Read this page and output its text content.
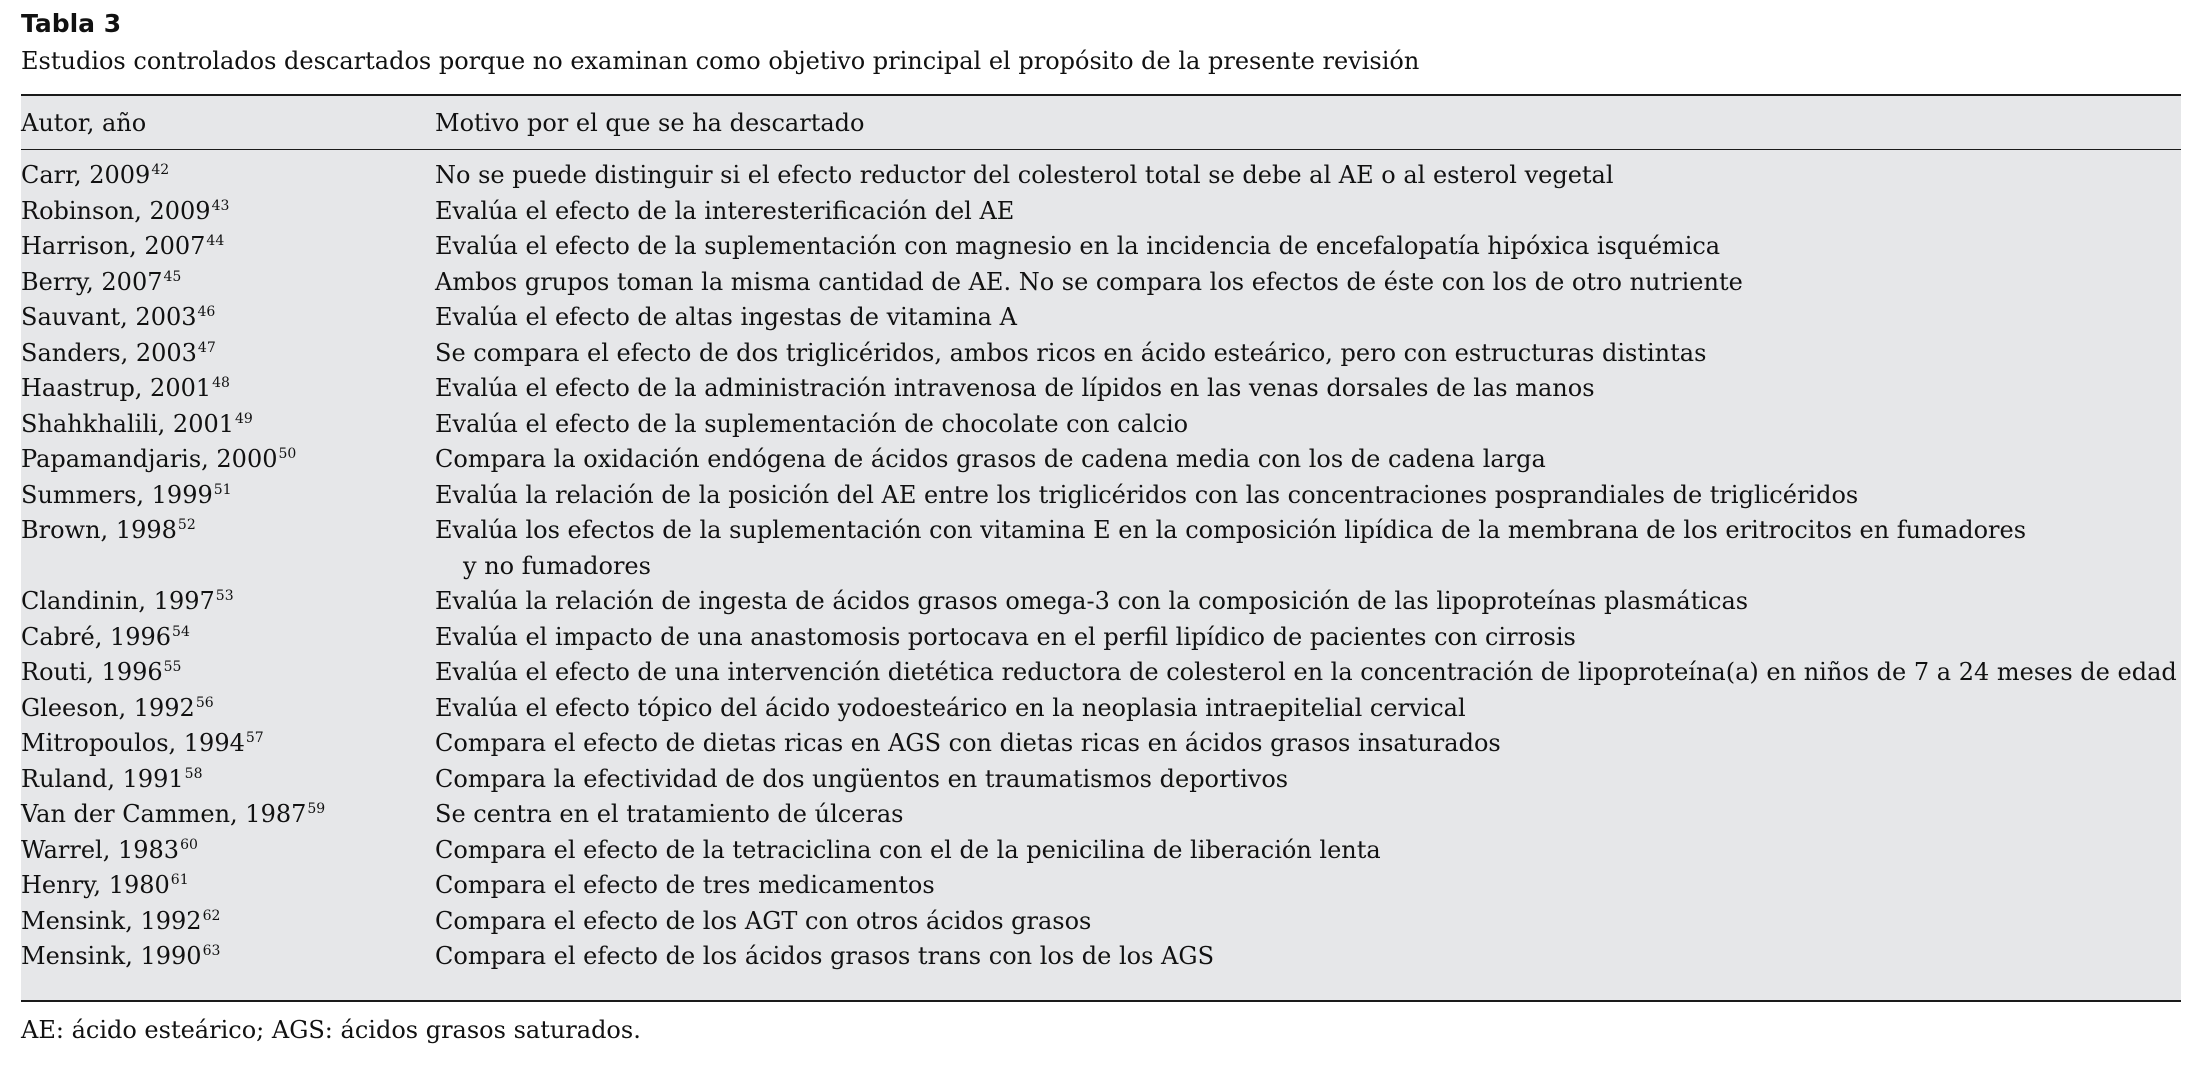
Tabla 3

Estudios controlados descartados porque no examinan como objetivo principal el propósito de la presente revisión

Autor, año	Motivo por el que se ha descartado
Carr, 2009$^{42}$	No se puede distinguir si el efecto reductor del colesterol total se debe al AE o al esterol vegetal
Robinson, 2009$^{43}$	Evalúa el efecto de la interesterificación del AE
Harrison, 2007$^{44}$	Evalúa el efecto de la suplementación con magnesio en la incidencia de encefalopatía hipóxica isquémica
Berry, 2007$^{45}$	Ambos grupos toman la misma cantidad de AE. No se compara los efectos de éste con los de otro nutriente
Sauvant, 2003$^{46}$	Evalúa el efecto de altas ingestas de vitamina A
Sanders, 2003$^{47}$	Se compara el efecto de dos triglicéridos, ambos ricos en ácido esteárico, pero con estructuras distintas
Haastrup, 2001$^{48}$	Evalúa el efecto de la administración intravenosa de lípidos en las venas dorsales de las manos
Shahkhalili, 2001$^{49}$	Evalúa el efecto de la suplementación de chocolate con calcio
Papamandjaris, 2000$^{50}$	Compara la oxidación endógena de ácidos grasos de cadena media con los de cadena larga
Summers, 1999$^{51}$	Evalúa la relación de la posición del AE entre los triglicéridos con las concentraciones posprandiales de triglicéridos
Brown, 1998$^{52}$	Evalúa los efectos de la suplementación con vitamina E en la composición lipídica de la membrana de los eritrocitos en fumadores
y no fumadores
Clandinin, 1997$^{53}$	Evalúa la relación de ingesta de ácidos grasos omega-3 con la composición de las lipoproteínas plasmáticas
Cabré, 1996$^{54}$	Evalúa el impacto de una anastomosis portocava en el perfil lipídico de pacientes con cirrosis
Routi, 1996$^{55}$	Evalúa el efecto de una intervención dietética reductora de colesterol en la concentración de lipoproteína(a) en niños de 7 a 24 meses de edad
Gleeson, 1992$^{56}$	Evalúa el efecto tópico del ácido yodoesteárico en la neoplasia intraepitelial cervical
Mitropoulos, 1994$^{57}$	Compara el efecto de dietas ricas en AGS con dietas ricas en ácidos grasos insaturados
Ruland, 1991$^{58}$	Compara la efectividad de dos ungüentos en traumatismos deportivos
Van der Cammen, 1987$^{59}$	Se centra en el tratamiento de úlceras
Warrel, 1983$^{60}$	Compara el efecto de la tetraciclina con el de la penicilina de liberación lenta
Henry, 1980$^{61}$	Compara el efecto de tres medicamentos
Mensink, 1992$^{62}$	Compara el efecto de los AGT con otros ácidos grasos
Mensink, 1990$^{63}$	Compara el efecto de los ácidos grasos trans con los de los AGS

AE: ácido esteárico; AGS: ácidos grasos saturados.
